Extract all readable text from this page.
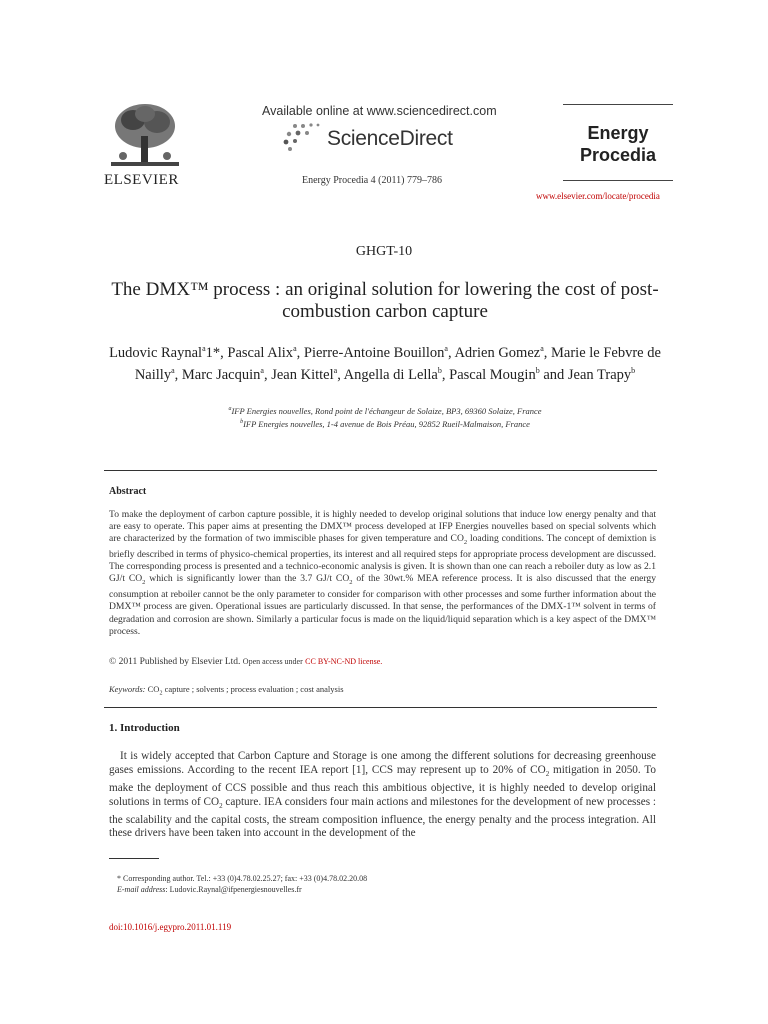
ELSEVIER
Available online at www.sciencedirect.com
ScienceDirect
Energy Procedia 4 (2011) 779–786
Energy
Procedia
www.elsevier.com/locate/procedia
GHGT-10
The DMX™ process : an original solution for lowering the cost of post-combustion carbon capture
Ludovic Raynal$^a$1*, Pascal Alix$^a$, Pierre-Antoine Bouillon$^a$, Adrien Gomez$^a$, Marie le Febvre de Nailly$^a$, Marc Jacquin$^a$, Jean Kittel$^a$, Angella di Lella$^b$, Pascal Mougin$^b$ and Jean Trapy$^b$
$^a$IFP Energies nouvelles, Rond point de l'échangeur de Solaize, BP3, 69360 Solaize, France
$^b$IFP Energies nouvelles, 1-4 avenue de Bois Préau, 92852 Rueil-Malmaison, France
Abstract
To make the deployment of carbon capture possible, it is highly needed to develop original solutions that induce low energy penalty and that are easy to operate. This paper aims at presenting the DMX™ process developed at IFP Energies nouvelles based on special solvents which are characterized by the formation of two immiscible phases for given temperature and $CO_2$ loading conditions. The concept of demixtion is briefly described in terms of physico-chemical properties, its interest and all required steps for appropriate process development are discussed. The corresponding process is presented and a technico-economic analysis is given. It is shown than one can reach a reboiler duty as low as 2.1 GJ/t $CO_2$ which is significantly lower than the 3.7 GJ/t $CO_2$ of the 30wt.% MEA reference process. It is also discussed that the energy consumption at reboiler cannot be the only parameter to consider for comparison with other processes and some further information about the DMX™ process are given. Operational issues are particularly discussed. In that sense, the performances of the DMX-1™ solvent in terms of degradation and corrosion are shown. Similarly a particular focus is made on the liquid/liquid separation which is a key aspect of the DMX™ process.
© 2011 Published by Elsevier Ltd. Open access under CC BY-NC-ND license.
Keywords: $CO_2$ capture ; solvents ; process evaluation ; cost analysis
1. Introduction
It is widely accepted that Carbon Capture and Storage is one among the different solutions for decreasing greenhouse gases emissions. According to the recent IEA report [1], CCS may represent up to 20% of $CO_2$ mitigation in 2050. To make the deployment of CCS possible and thus reach this ambitious objective, it is highly needed to develop original solutions in terms of $CO_2$ capture. IEA considers four main actions and milestones for the development of new processes : the scalability and the capital costs, the stream composition influence, the energy penalty and the process integration. All these drivers have been taken into account in the development of the
* Corresponding author. Tel.: +33 (0)4.78.02.25.27; fax: +33 (0)4.78.02.20.08
E-mail address: Ludovic.Raynal@ifpenergiesnouvelles.fr
doi:10.1016/j.egypro.2011.01.119
